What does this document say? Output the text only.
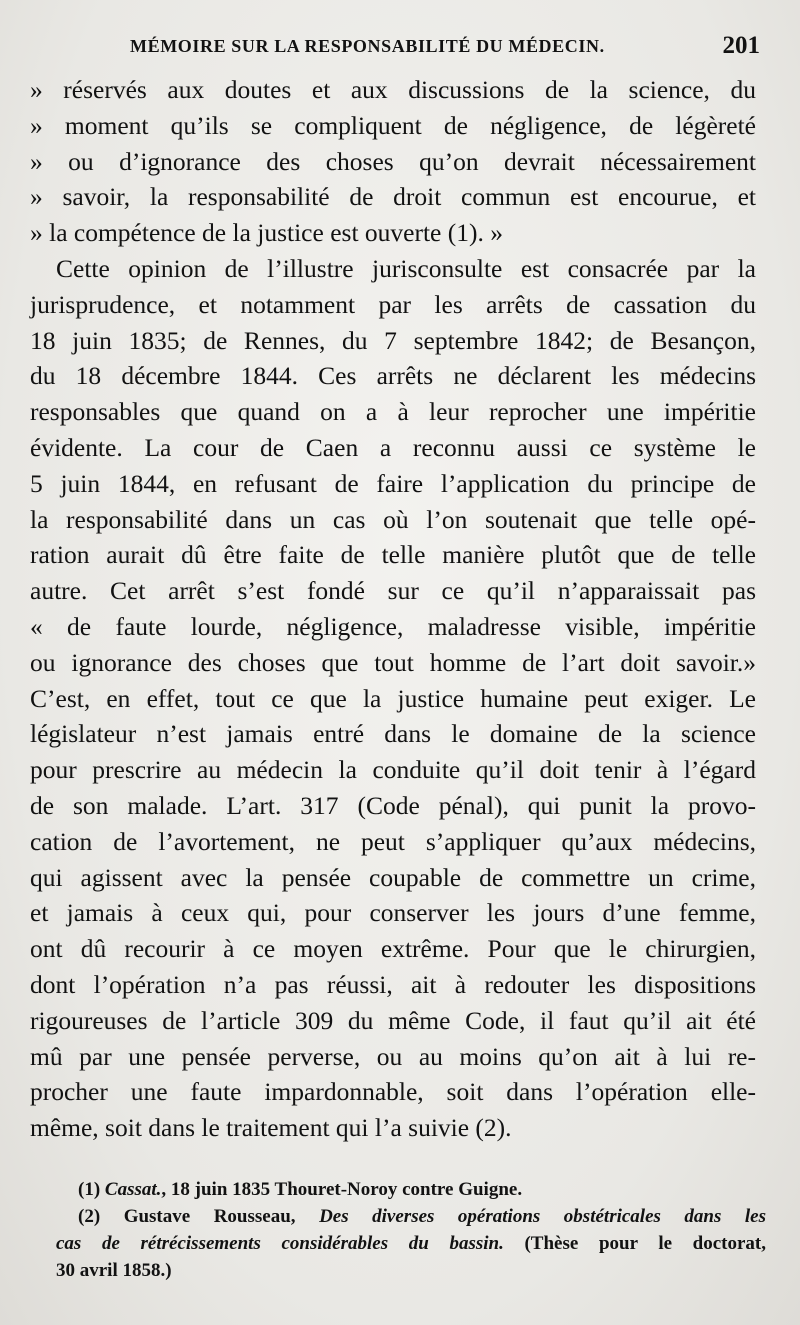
MÉMOIRE SUR LA RESPONSABILITÉ DU MÉDECIN.	201
» réservés aux doutes et aux discussions de la science, du
» moment qu’ils se compliquent de négligence, de légèreté
» ou d’ignorance des choses qu’on devrait nécessairement
» savoir, la responsabilité de droit commun est encourue, et
» la compétence de la justice est ouverte (1). »
Cette opinion de l’illustre jurisconsulte est consacrée par la
jurisprudence, et notamment par les arrêts de cassation du
18 juin 1835; de Rennes, du 7 septembre 1842; de Besançon,
du 18 décembre 1844. Ces arrêts ne déclarent les médecins
responsables que quand on a à leur reprocher une impéritie
évidente. La cour de Caen a reconnu aussi ce système le
5 juin 1844, en refusant de faire l’application du principe de
la responsabilité dans un cas où l’on soutenait que telle opé-
ration aurait dû être faite de telle manière plutôt que de telle
autre. Cet arrêt s’est fondé sur ce qu’il n’apparaissait pas
« de faute lourde, négligence, maladresse visible, impéritie
ou ignorance des choses que tout homme de l’art doit savoir.»
C’est, en effet, tout ce que la justice humaine peut exiger. Le
législateur n’est jamais entré dans le domaine de la science
pour prescrire au médecin la conduite qu’il doit tenir à l’égard
de son malade. L’art. 317 (Code pénal), qui punit la provo-
cation de l’avortement, ne peut s’appliquer qu’aux médecins,
qui agissent avec la pensée coupable de commettre un crime,
et jamais à ceux qui, pour conserver les jours d’une femme,
ont dû recourir à ce moyen extrême. Pour que le chirurgien,
dont l’opération n’a pas réussi, ait à redouter les dispositions
rigoureuses de l’article 309 du même Code, il faut qu’il ait été
mû par une pensée perverse, ou au moins qu’on ait à lui re-
procher une faute impardonnable, soit dans l’opération elle-
même, soit dans le traitement qui l’a suivie (2).
(1) Cassat., 18 juin 1835 Thouret-Noroy contre Guigne.
(2) Gustave Rousseau, Des diverses opérations obstétricales dans les
cas de rétrécissements considérables du bassin. (Thèse pour le doctorat,
30 avril 1858.)
